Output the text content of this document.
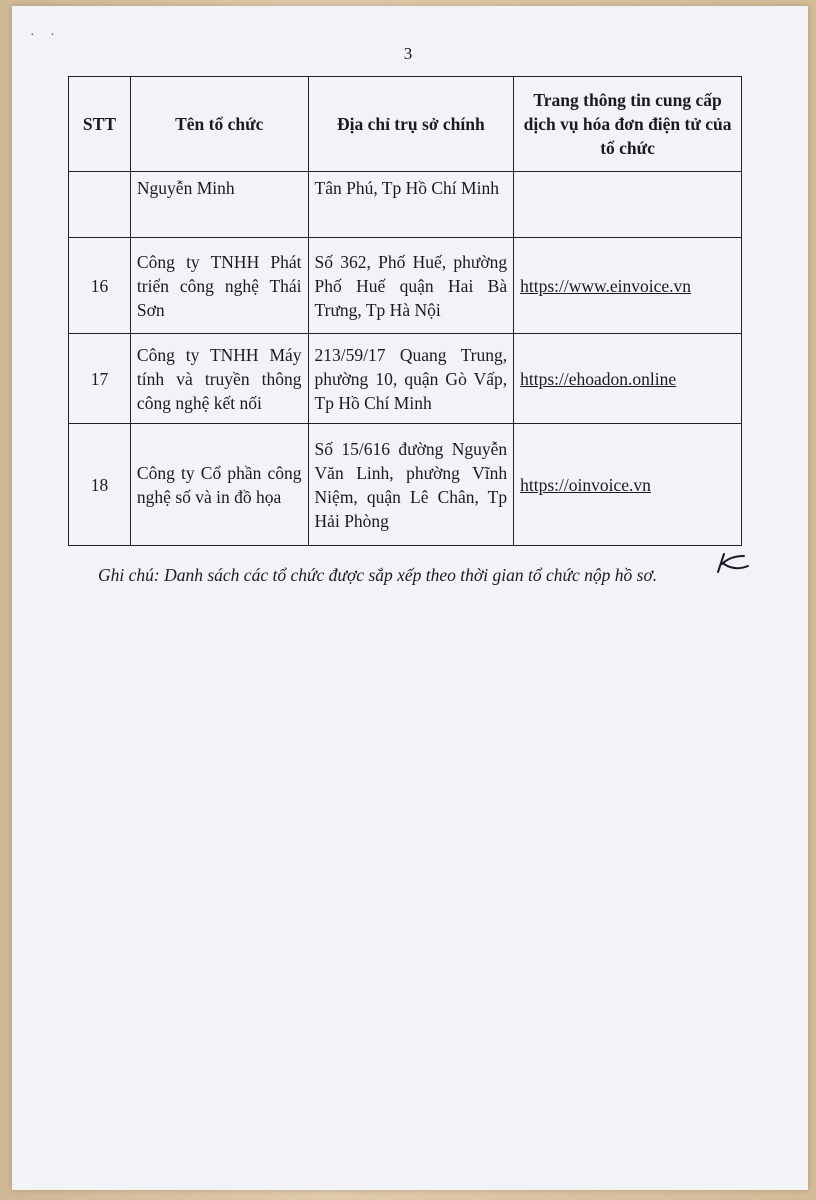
· ·
3
STT	Tên tổ chức	Địa chỉ trụ sở chính	Trang thông tin cung cấp dịch vụ hóa đơn điện tử của tổ chức
	Nguyễn Minh	Tân Phú, Tp Hồ Chí Minh	
16	Công ty TNHH Phát triển công nghệ Thái Sơn	Số 362, Phố Huế, phường Phố Huế quận Hai Bà Trưng, Tp Hà Nội	https://www.einvoice.vn
17	Công ty TNHH Máy tính và truyền thông công nghệ kết nối	213/59/17 Quang Trung, phường 10, quận Gò Vấp, Tp Hồ Chí Minh	https://ehoadon.online
18	Công ty Cổ phần công nghệ số và in đồ họa	Số 15/616 đường Nguyễn Văn Linh, phường Vĩnh Niệm, quận Lê Chân, Tp Hải Phòng	https://oinvoice.vn
Ghi chú: Danh sách các tổ chức được sắp xếp theo thời gian tổ chức nộp hồ sơ.
